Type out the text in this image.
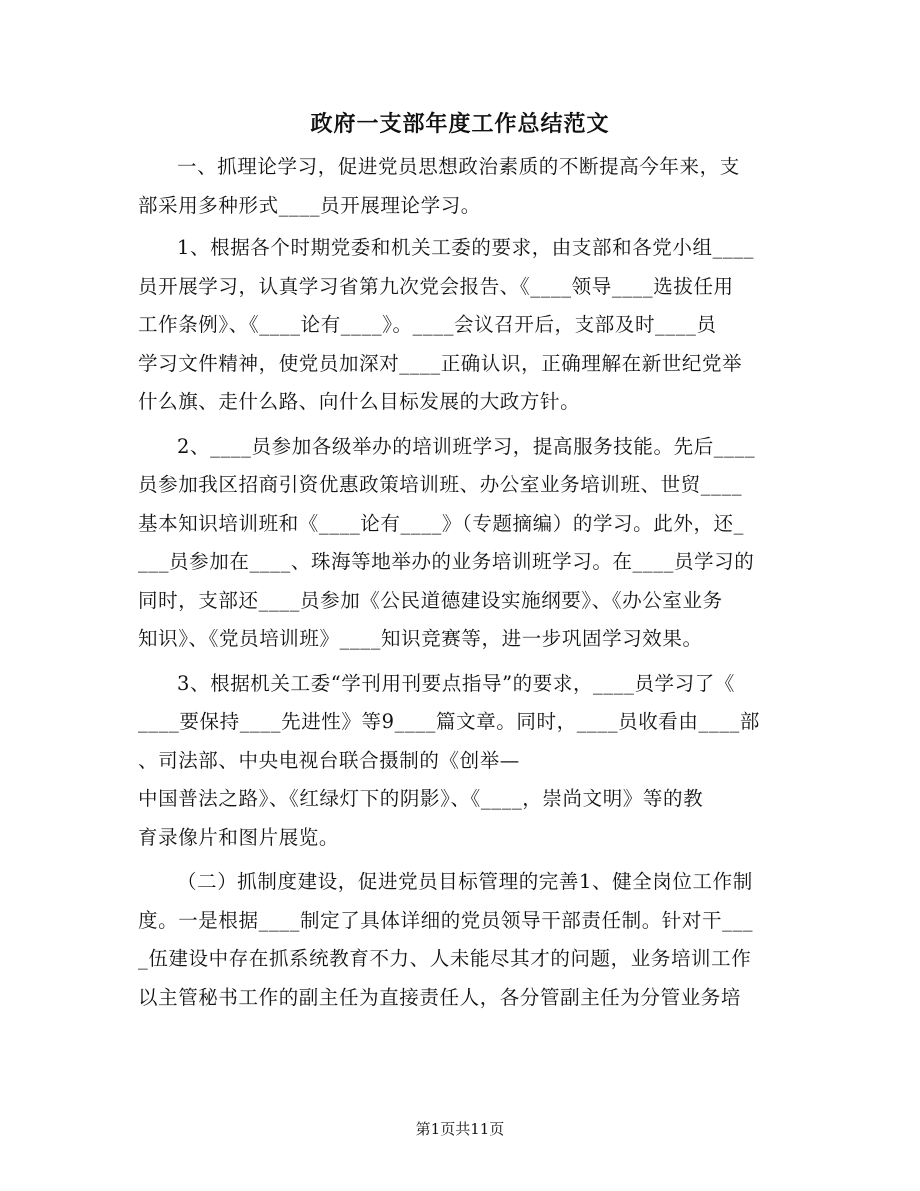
政府一支部年度工作总结范文

一、抓理论学习，促进党员思想政治素质的不断提高今年来，支
部采用多种形式____员开展理论学习。

1、根据各个时期党委和机关工委的要求，由支部和各党小组____
员开展学习，认真学习省第九次党会报告、《____领导____选拔任用
工作条例》、《____论有____》。____会议召开后，支部及时____员
学习文件精神，使党员加深对____正确认识，正确理解在新世纪党举
什么旗、走什么路、向什么目标发展的大政方针。

2、____员参加各级举办的培训班学习，提高服务技能。先后____
员参加我区招商引资优惠政策培训班、办公室业务培训班、世贸____
基本知识培训班和《____论有____》（专题摘编）的学习。此外，还_
___员参加在____、珠海等地举办的业务培训班学习。在____员学习的
同时，支部还____员参加《公民道德建设实施纲要》、《办公室业务
知识》、《党员培训班》____知识竞赛等，进一步巩固学习效果。

3、根据机关工委“学刊用刊要点指导”的要求，____员学习了《
____要保持____先进性》等9____篇文章。同时，____员收看由____部
、司法部、中央电视台联合摄制的《创举—
中国普法之路》、《红绿灯下的阴影》、《____，崇尚文明》等的教
育录像片和图片展览。

（二）抓制度建设，促进党员目标管理的完善1、健全岗位工作制
度。一是根据____制定了具体详细的党员领导干部责任制。针对干___
_伍建设中存在抓系统教育不力、人未能尽其才的问题，业务培训工作
以主管秘书工作的副主任为直接责任人，各分管副主任为分管业务培

第1页共11页
